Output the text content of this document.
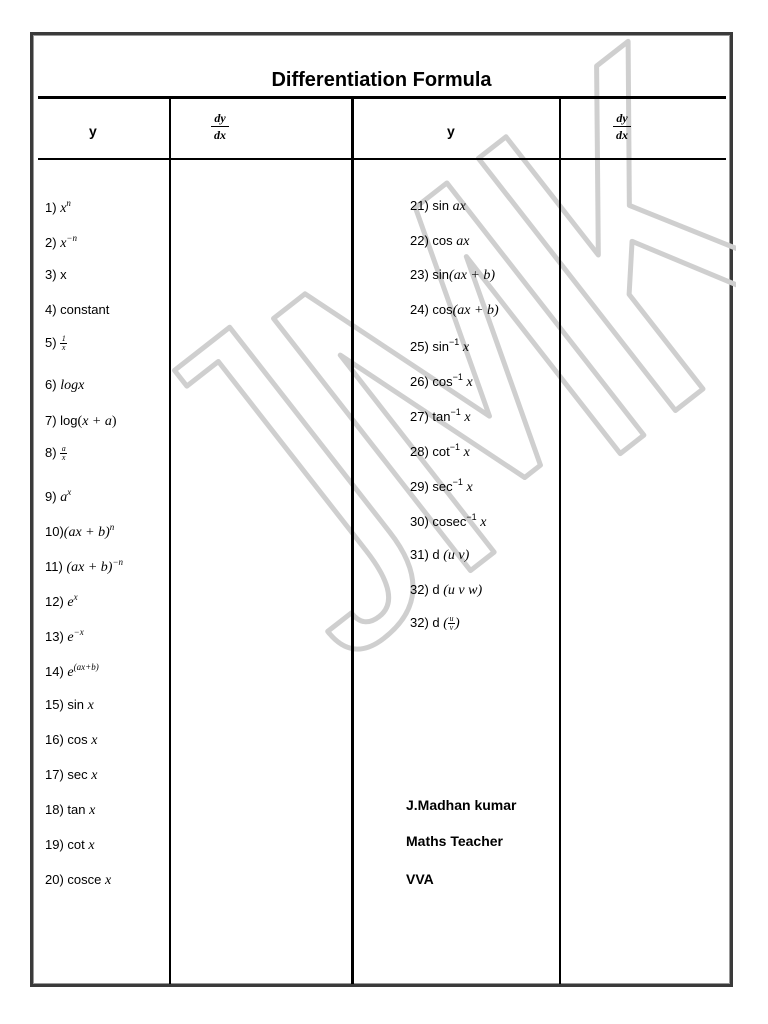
Differentiation Formula
y
dy
dx	y
dy
dx
1) $x^n$
2) $x^{-n}$
3) x
4) constant
$5) \frac{1}{x}$
6) logx
7) log(x + a)
$8) \frac{a}{x}$
9) $a^x$
10)(ax + b)$^n$
11) (ax + b)$^{-n}$
12) $e^x$
13) $e^{-x}$
14) $e^{(ax+b)}$
15) sin x
16) cos x
17) sec x
18) tan x
19) cot x
20) cosce x
21) sin ax
22) cos ax
23) sin(ax + b)
24) cos(ax + b)
25) $\sin^{-1} x$
26) $\cos^{-1} x$
27) $\tan^{-1} x$
28) $\cot^{-1} x$
29) $\sec^{-1} x$
30) cosec$^{-1}$ x
31) d (u v)
32) d (u v w)
32) d ( $\frac{u}{v}$ )
J.Madhan kumar
Maths Teacher
VVA
